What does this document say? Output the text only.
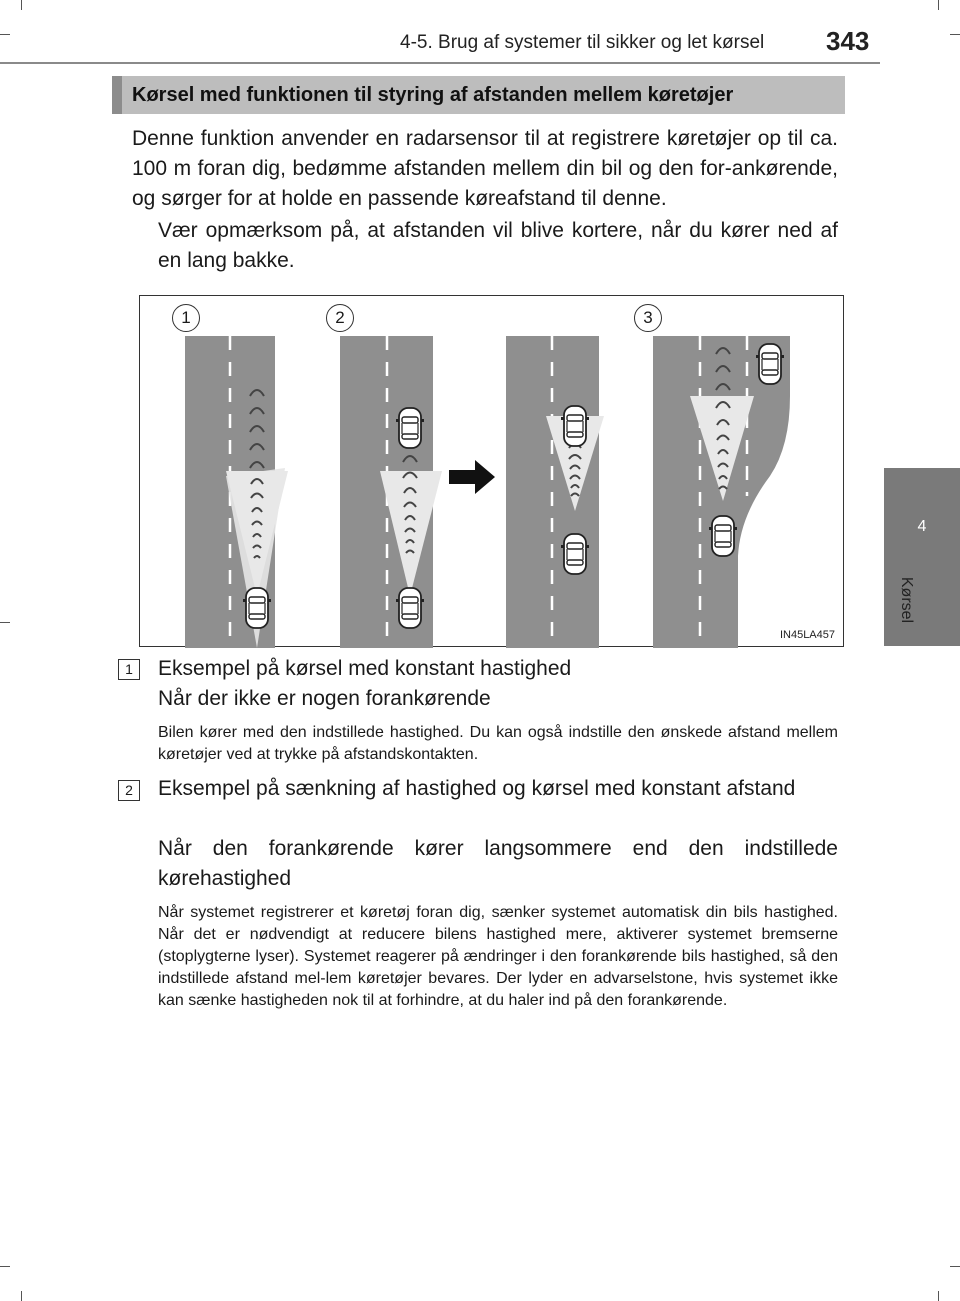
4-5. Brug af systemer til sikker og let kørsel 343
4
Kørsel
Kørsel med funktionen til styring af afstanden mellem køretøjer
Denne funktion anvender en radarsensor til at registrere køretøjer op til ca. 100 m foran dig, bedømme afstanden mellem din bil og den for-ankørende, og sørger for at holde en passende køreafstand til denne.
Vær opmærksom på, at afstanden vil blive kortere, når du kører ned af en lang bakke.
IN45LA457
1	2	3
1	Eksempel på kørsel med konstant hastighed
Når der ikke er nogen forankørende
Bilen kører med den indstillede hastighed. Du kan også indstille den ønskede afstand mellem køretøjer ved at trykke på afstandskontakten.
2	Eksempel på sænkning af hastighed og kørsel med konstant afstand
Når den forankørende kører langsommere end den indstillede kørehastighed
Når systemet registrerer et køretøj foran dig, sænker systemet automatisk din bils hastighed. Når det er nødvendigt at reducere bilens hastighed mere, aktiverer systemet bremserne (stoplygterne lyser). Systemet reagerer på ændringer i den forankørende bils hastighed, så den indstillede afstand mel-lem køretøjer bevares. Der lyder en advarselstone, hvis systemet ikke kan sænke hastigheden nok til at forhindre, at du haler ind på den forankørende.
